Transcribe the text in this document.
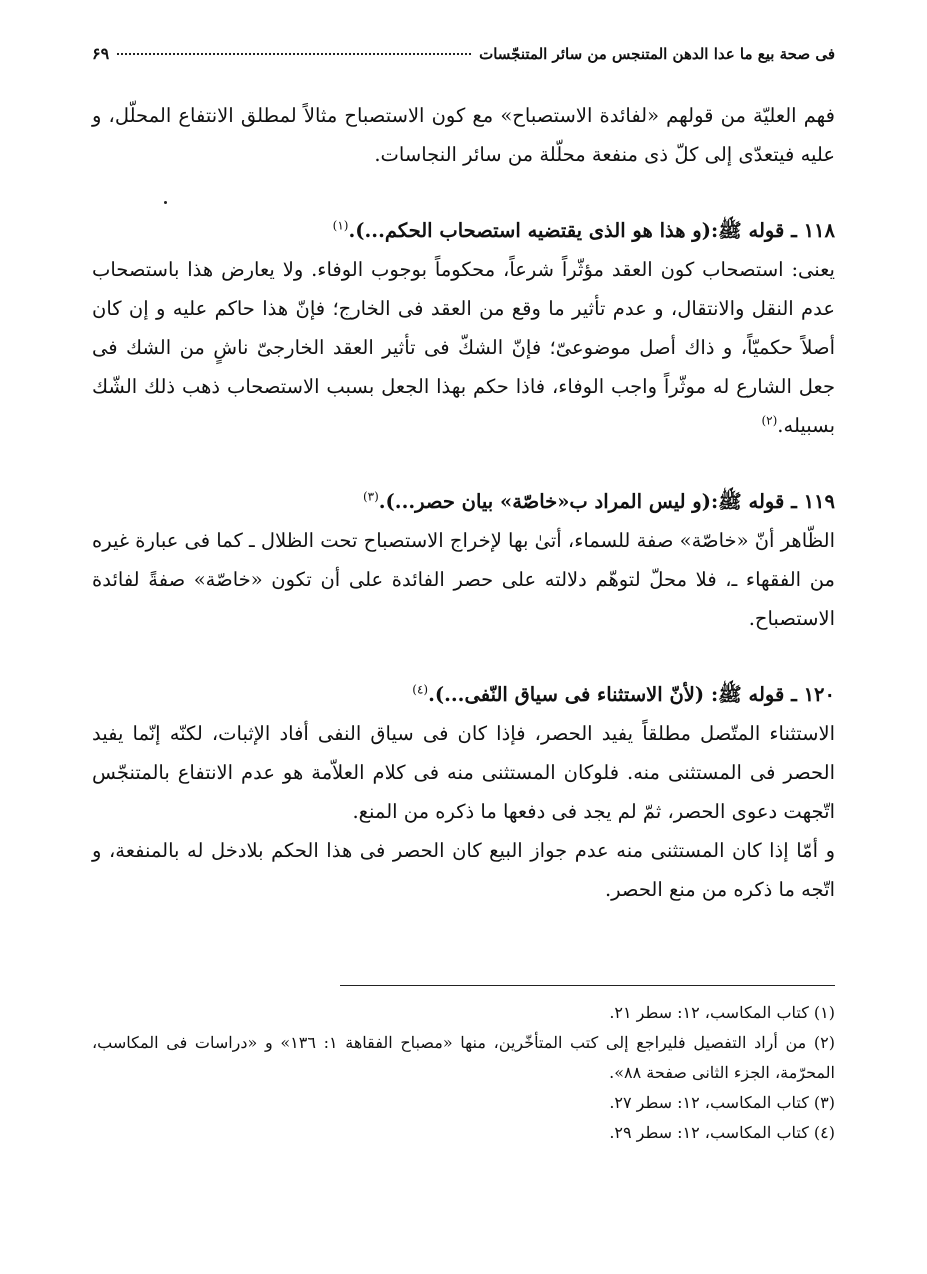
فی صحة بیع ما عدا الدهن المتنجس من سائر المتنجّسات
۶۹

فهم العلیّة من قولهم «لفائدة الاستصباح» مع کون الاستصباح مثالاً لمطلق الانتفاع المحلّل، و علیه فیتعدّی إلی کلّ ذی منفعة محلّلة من سائر النجاسات.

۱۱۸ ـ قوله ﷺ:(و هذا هو الذی یقتضیه استصحاب الحکم...).$^{(۱)}$

یعنی: استصحاب کون العقد مؤثّراً شرعاً، محکوماً بوجوب الوفاء. ولا یعارض هذا باستصحاب عدم النقل والانتقال، و عدم تأثیر ما وقع من العقد فی الخارج؛ فإنّ هذا حاکم علیه و إن کان أصلاً حکمیّاً، و ذاك أصل موضوعیّ؛ فإنّ الشكّ فی تأثیر العقد الخارجیّ ناشٍ من الشك فی جعل الشارع له موثّراً واجب الوفاء، فاذا حکم بهذا الجعل بسبب الاستصحاب ذهب ذلك الشّك بسبیله.$^{(۲)}$

۱۱۹ ـ قوله ﷺ:(و لیس المراد ب«خاصّة» بیان حصر...).$^{(۳)}$

الظّاهر أنّ «خاصّة» صفة للسماء، أتیٰ بها لإخراج الاستصباح تحت الظلال ـ كما فی عبارة غیره من الفقهاء ـ، فلا محلّ لتوهّم دلالته علی حصر الفائدة علی أن تکون «خاصّة» صفةً لفائدة الاستصباح.

۱۲۰ ـ قوله ﷺ: (لأنّ الاستثناء فی سیاق النّفی...).$^{(٤)}$

الاستثناء المتّصل مطلقاً یفید الحصر، فإذا کان فی سیاق النفی أفاد الإثبات، لکنّه إنّما یفید الحصر فی المستثنی منه. فلوکان المستثنی منه فی کلام العلاّمة هو عدم الانتفاع بالمتنجّس اتّجهت دعوی الحصر، ثمّ لم یجد فی دفعها ما ذکره من المنع.

و أمّا إذا کان المستثنی منه عدم جواز البیع کان الحصر فی هذا الحکم بلادخل له بالمنفعة، و اتّجه ما ذکره من منع الحصر.

(١) کتاب المکاسب، ١٢: سطر ٢١.

(٢) من أراد التفصیل فلیراجع إلی کتب المتأخّرین، منها «مصباح الفقاهة ١: ١٣٦» و «دراسات فی المکاسب، المحرّمة، الجزء الثانی صفحة ٨٨».

(٣) کتاب المکاسب، ١٢: سطر ٢٧.

(٤) کتاب المکاسب، ١٢: سطر ٢٩.
